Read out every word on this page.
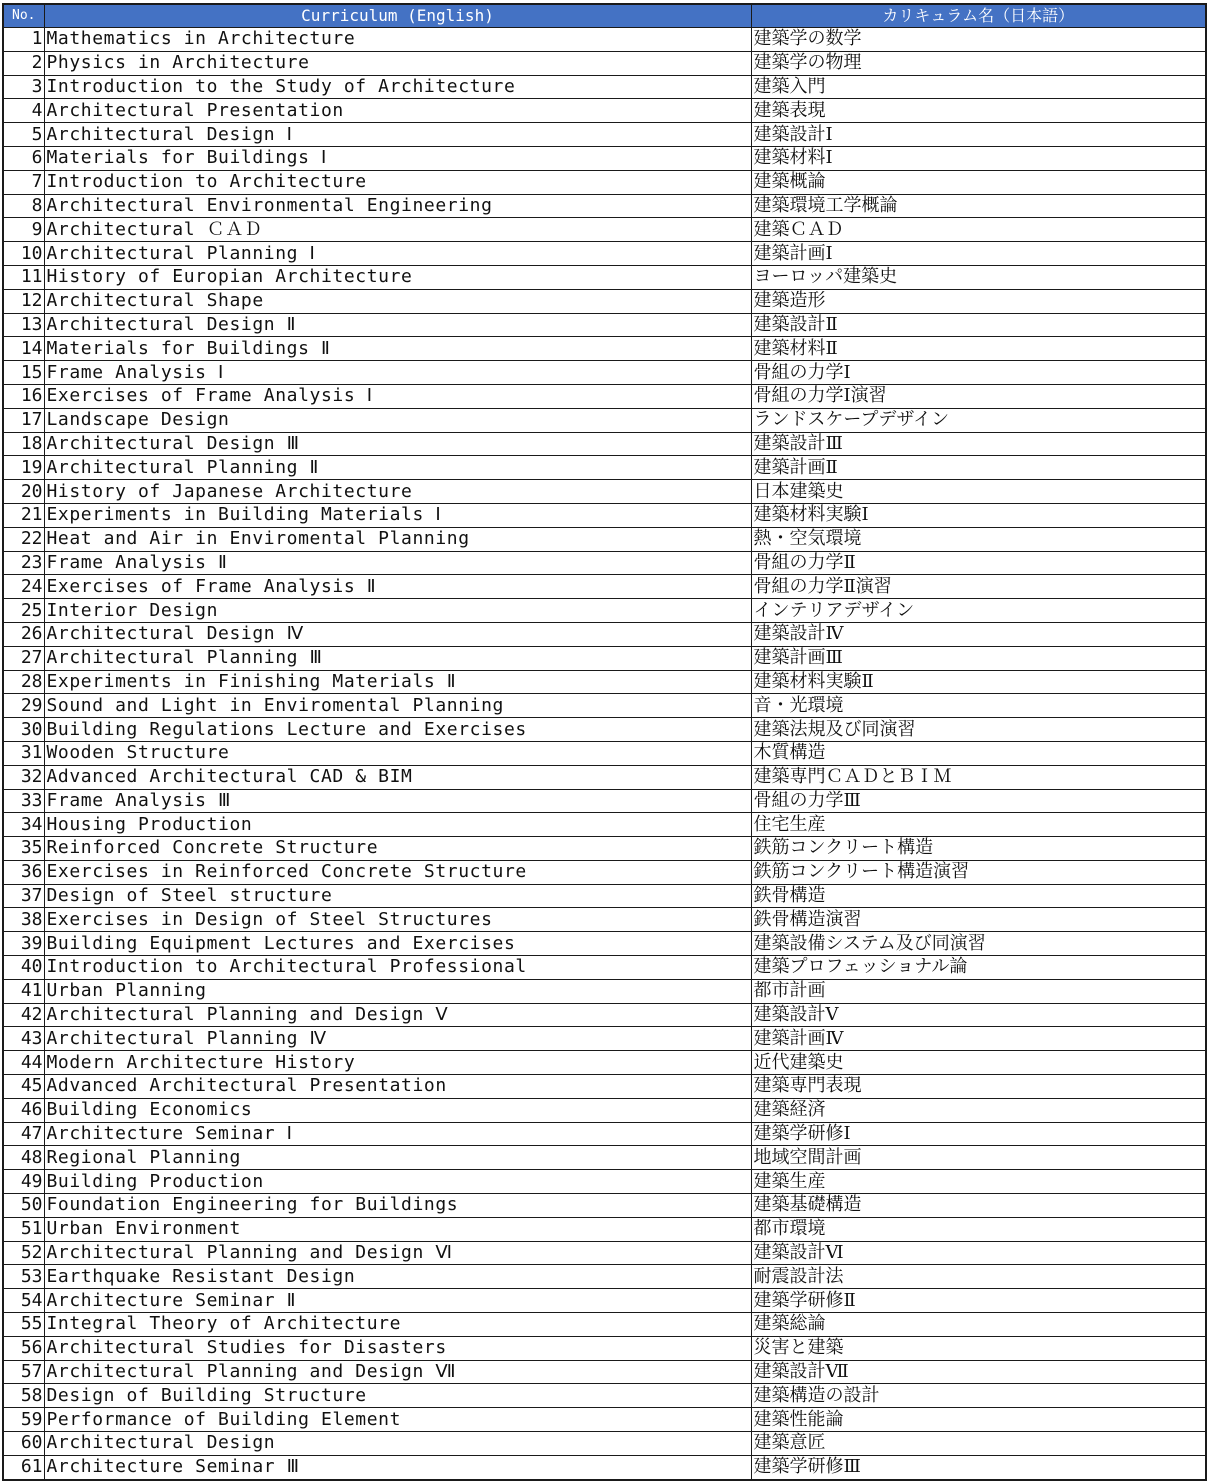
No.	Curriculum (English)	カリキュラム名（日本語）
1	Mathematics in Architecture	建築学の数学
2	Physics in Architecture	建築学の物理
3	Introduction to the Study of Architecture	建築入門
4	Architectural Presentation	建築表現
5	Architectural Design Ⅰ	建築設計Ⅰ
6	Materials for Buildings Ⅰ	建築材料Ⅰ
7	Introduction to Architecture	建築概論
8	Architectural Environmental Engineering	建築環境工学概論
9	Architectural ＣＡＤ	建築ＣＡＤ
10	Architectural Planning Ⅰ	建築計画Ⅰ
11	History of Europian Architecture	ヨーロッパ建築史
12	Architectural Shape	建築造形
13	Architectural Design Ⅱ	建築設計Ⅱ
14	Materials for Buildings Ⅱ	建築材料Ⅱ
15	Frame Analysis Ⅰ	骨組の力学Ⅰ
16	Exercises of Frame Analysis Ⅰ	骨組の力学Ⅰ演習
17	Landscape Design	ランドスケープデザイン
18	Architectural Design Ⅲ	建築設計Ⅲ
19	Architectural Planning Ⅱ	建築計画Ⅱ
20	History of Japanese Architecture	日本建築史
21	Experiments in Building Materials Ⅰ	建築材料実験Ⅰ
22	Heat and Air in Enviromental Planning	熱・空気環境
23	Frame Analysis Ⅱ	骨組の力学Ⅱ
24	Exercises of Frame Analysis Ⅱ	骨組の力学Ⅱ演習
25	Interior Design	インテリアデザイン
26	Architectural Design Ⅳ	建築設計Ⅳ
27	Architectural Planning Ⅲ	建築計画Ⅲ
28	Experiments in Finishing Materials Ⅱ	建築材料実験Ⅱ
29	Sound and Light in Enviromental Planning	音・光環境
30	Building Regulations Lecture and Exercises	建築法規及び同演習
31	Wooden Structure	木質構造
32	Advanced Architectural CAD & BIM	建築専門ＣＡＤとＢＩＭ
33	Frame Analysis Ⅲ	骨組の力学Ⅲ
34	Housing Production	住宅生産
35	Reinforced Concrete Structure	鉄筋コンクリート構造
36	Exercises in Reinforced Concrete Structure	鉄筋コンクリート構造演習
37	Design of Steel structure	鉄骨構造
38	Exercises in Design of Steel Structures	鉄骨構造演習
39	Building Equipment Lectures and Exercises	建築設備システム及び同演習
40	Introduction to Architectural Professional	建築プロフェッショナル論
41	Urban Planning	都市計画
42	Architectural Planning and Design Ⅴ	建築設計Ⅴ
43	Architectural Planning Ⅳ	建築計画Ⅳ
44	Modern Architecture History	近代建築史
45	Advanced Architectural Presentation	建築専門表現
46	Building Economics	建築経済
47	Architecture Seminar Ⅰ	建築学研修Ⅰ
48	Regional Planning	地域空間計画
49	Building Production	建築生産
50	Foundation Engineering for Buildings	建築基礎構造
51	Urban Environment	都市環境
52	Architectural Planning and Design Ⅵ	建築設計Ⅵ
53	Earthquake Resistant Design	耐震設計法
54	Architecture Seminar Ⅱ	建築学研修Ⅱ
55	Integral Theory of Architecture	建築総論
56	Architectural Studies for Disasters	災害と建築
57	Architectural Planning and Design Ⅶ	建築設計Ⅶ
58	Design of Building Structure	建築構造の設計
59	Performance of Building Element	建築性能論
60	Architectural Design	建築意匠
61	Architecture Seminar Ⅲ	建築学研修Ⅲ
